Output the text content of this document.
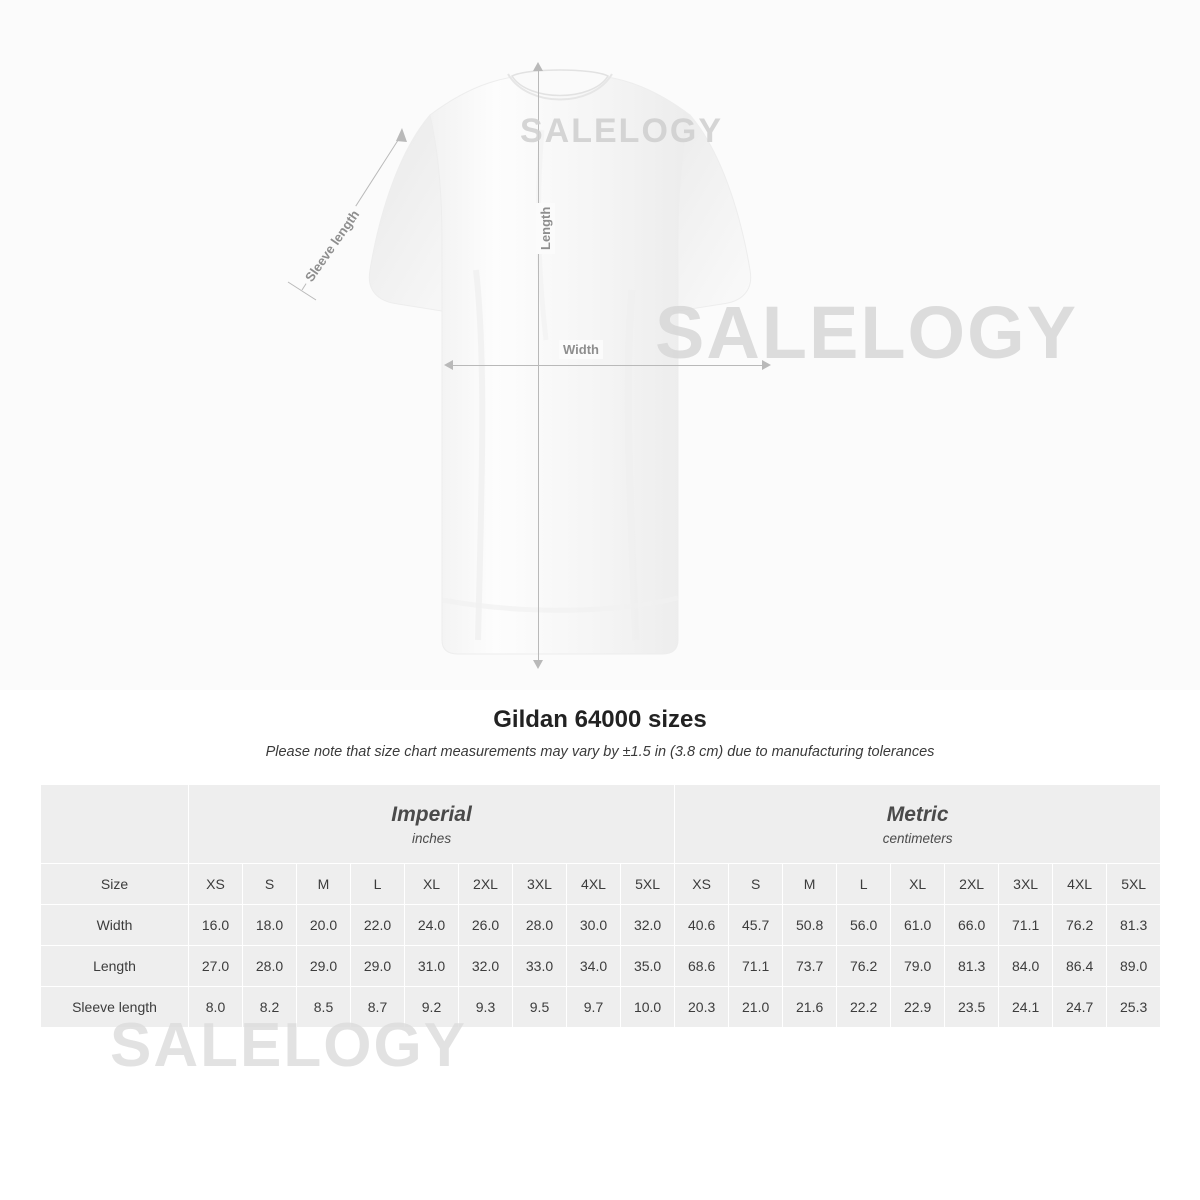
Length
Width
Sleeve length
SALELOGY
SALELOGY
Gildan 64000 sizes

Please note that size chart measurements may vary by ±1.5 in (3.8 cm) due to manufacturing tolerances

	Imperial
inches									Metric
centimeters								

Size	XS	S	M	L	XL	2XL	3XL	4XL	5XL	XS	S	M	L	XL	2XL	3XL	4XL	5XL
Width	16.0	18.0	20.0	22.0	24.0	26.0	28.0	30.0	32.0	40.6	45.7	50.8	56.0	61.0	66.0	71.1	76.2	81.3
Length	27.0	28.0	29.0	29.0	31.0	32.0	33.0	34.0	35.0	68.6	71.1	73.7	76.2	79.0	81.3	84.0	86.4	89.0
Sleeve length	8.0	8.2	8.5	8.7	9.2	9.3	9.5	9.7	10.0	20.3	21.0	21.6	22.2	22.9	23.5	24.1	24.7	25.3
SALELOGY
